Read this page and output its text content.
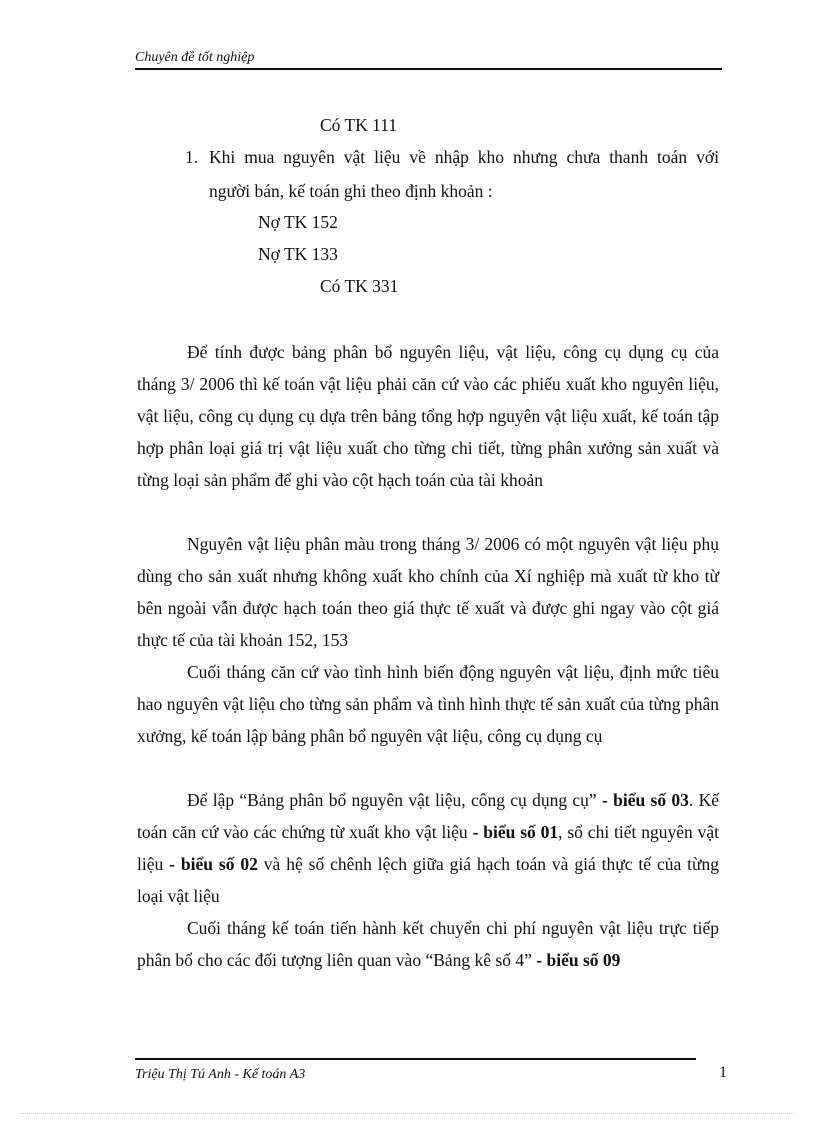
Chuyên đề tốt nghiệp
Có TK 111
1. Khi mua nguyên vật liệu về nhập kho nhưng chưa thanh toán với
người bán, kế toán ghi theo định khoản :
Nợ TK 152
Nợ TK 133
Có TK 331
Để tính được bảng phân bổ nguyên liệu, vật liệu, công cụ dụng cụ của tháng 3/ 2006 thì kế toán vật liệu phải căn cứ vào các phiếu xuất kho nguyên liệu, vật liệu, công cụ dụng cụ dựa trên bảng tổng hợp nguyên vật liệu xuất, kế toán tập hợp phân loại giá trị vật liệu xuất cho từng chi tiết, từng phân xưởng sản xuất và từng loại sản phẩm để ghi vào cột hạch toán của tài khoản
Nguyên vật liệu phân màu trong tháng 3/ 2006 có một nguyên vật liệu phụ dùng cho sản xuất nhưng không xuất kho chính của Xí nghiệp mà xuất từ kho từ bên ngoài vẫn được hạch toán theo giá thực tế xuất và được ghi ngay vào cột giá thực tế của tài khoản 152, 153
Cuối tháng căn cứ vào tình hình biến động nguyên vật liệu, định mức tiêu hao nguyên vật liệu cho từng sản phẩm và tình hình thực tế sản xuất của từng phân xưởng, kế toán lập bảng phân bổ nguyên vật liệu, công cụ dụng cụ
Để lập “Bảng phân bổ nguyên vật liệu, công cụ dụng cụ” - biểu số 03. Kế toán căn cứ vào các chứng từ xuất kho vật liệu - biểu số 01, sổ chi tiết nguyên vật liệu - biểu số 02 và hệ số chênh lệch giữa giá hạch toán và giá thực tế của từng loại vật liệu
Cuối tháng kế toán tiến hành kết chuyển chi phí nguyên vật liệu trực tiếp phân bổ cho các đối tượng liên quan vào “Bảng kê số 4” - biểu số 09
Triệu Thị Tú Anh - Kế toán A3	1
